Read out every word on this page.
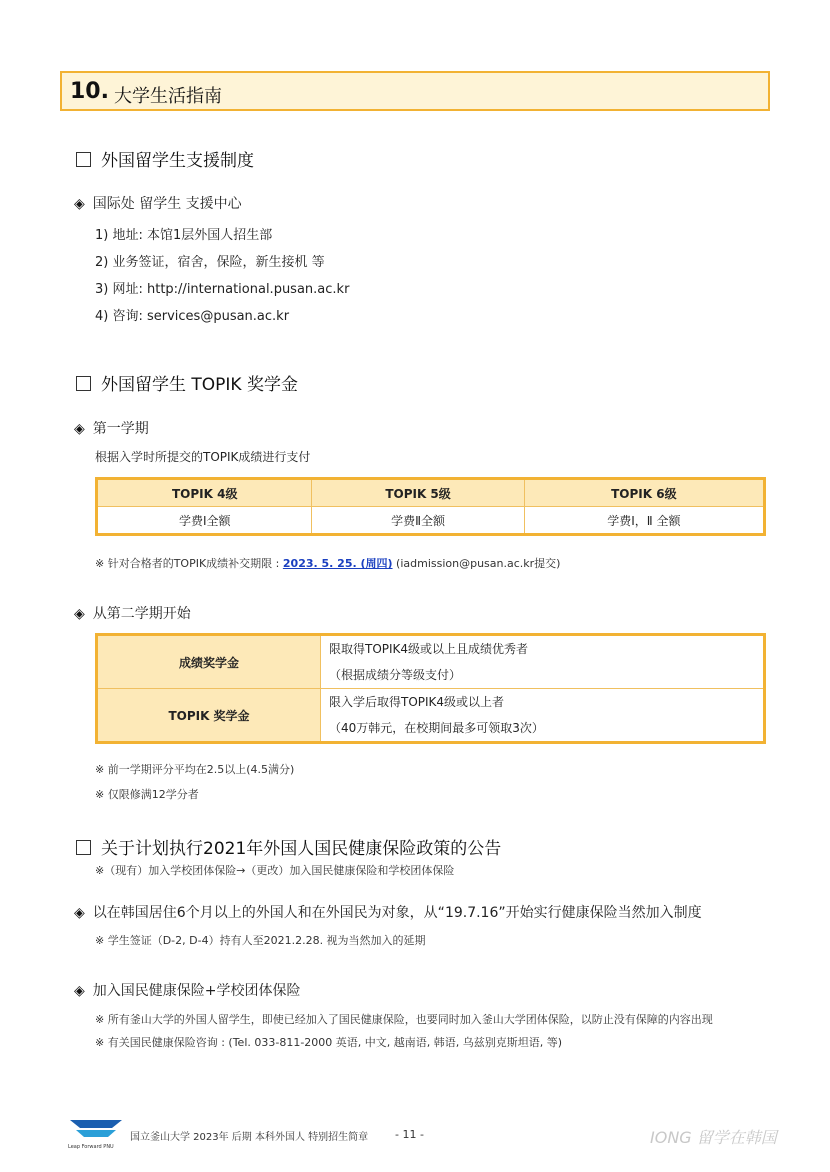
10. 大学生活指南
外国留学生支援制度
◈ 国际处 留学生 支援中心
1) 地址: 本馆1层外国人招生部
2) 业务签证，宿舍，保险，新生接机 等
3) 网址: http://international.pusan.ac.kr
4) 咨询: services@pusan.ac.kr
外国留学生 TOPIK 奖学金
◈ 第一学期
根据入学时所提交的TOPIK成绩进行支付
TOPIK 4级	TOPIK 5级	TOPIK 6级
学费Ⅰ全额	学费Ⅱ全额	学费Ⅰ，Ⅱ 全额
※ 针对合格者的TOPIK成绩补交期限 : 2023. 5. 25. (周四) (iadmission@pusan.ac.kr提交)
◈ 从第二学期开始
成绩奖学金	限取得TOPIK4级或以上且成绩优秀者
（根据成绩分等级支付）

TOPIK 奖学金	限入学后取得TOPIK4级或以上者
（40万韩元，在校期间最多可领取3次）
※ 前一学期评分平均在2.5以上(4.5满分)
※ 仅限修满12学分者
关于计划执行2021年外国人国民健康保险政策的公告
※（现有）加入学校团体保险→（更改）加入国民健康保险和学校团体保险
◈ 以在韩国居住6个月以上的外国人和在外国民为对象，从“19.7.16”开始实行健康保险当然加入制度
※ 学生签证（D-2, D-4）持有人至2021.2.28. 视为当然加入的延期
◈ 加入国民健康保险+学校团体保险
※ 所有釜山大学的外国人留学生，即使已经加入了国民健康保险，也要同时加入釜山大学团体保险，以防止没有保障的内容出现
※ 有关国民健康保险咨询 : (Tel. 033-811-2000 英语, 中文, 越南语, 韩语, 乌兹别克斯坦语, 等)
Leap Forward PNU
国立釜山大学 2023年 后期 本科外国人 特别招生简章 - 11 -	IONG 留学在韩国
